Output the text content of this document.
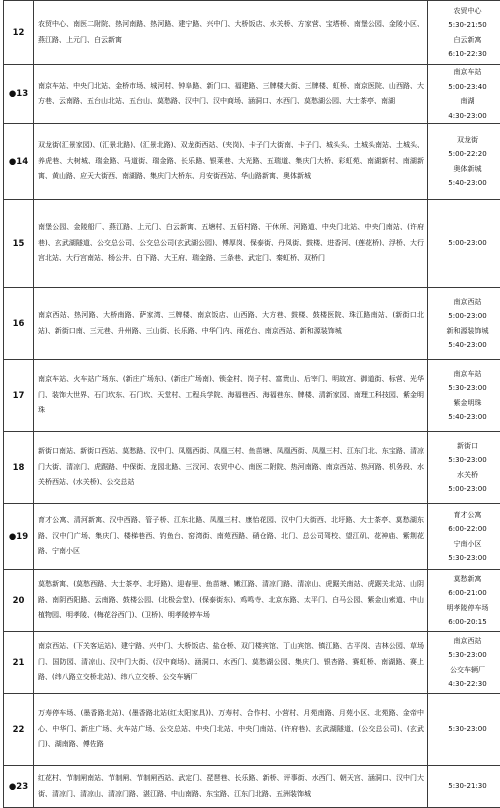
12	农贸中心、南医二附院、热河南路、热河路、建宁路、兴中门、大桥饭店、水关桥、方家营、宝塔桥、南堡公园、金陵小区、燕江路、上元门、白云新寓	农贸中心
5:30-21:50
白云新寓
6:10-22:30

●13	南京车站、中央门北站、金桥市场、城河村、钟阜路、新门口、福建路、三牌楼大街、三牌楼、虹桥、南京医院、山西路、大方巷、云南路、五台山北站、五台山、莫愁路、汉中门、汉中商场、涵洞口、水西门、莫愁湖公园、大士茶亭、南湖	南京车站
5:00-23:40
南湖
4:30-23:00

●14	双龙街(汇景家园)、(汇景北路)、(汇景北路)、双龙街西站、(夹岗)、卡子门大街南、卡子门、城头头、土城头南站、土城头、养虎巷、大树城、瑞金路、马道街、瑞金路、长乐路、银莱巷、大光路、五瑞道、集庆门大桥、彩虹苑、南湖新村、南湖新寓、黄山路、应天大街西、南湖路、集庆门大桥东、月安街西站、华山路新寓、奥体新城	双龙街
5:00-22:20
奥体新城
5:40-23:00

15	南堡公园、金陵船厂、燕江路、上元门、白云新寓、五塘村、五佰村路、干休所、河路道、中央门北站、中央门南站、(许府巷)、玄武湖隧道、公交总公司、公交总公司(玄武湖公园)、傅厚岗、保泰街、丹凤街、鼓楼、进香河、(莲花桥)、浮桥、大行宫北站、大行宫南站、杨公井、白下路、大王府、瑞金路、三条巷、武定门、秦虹桥、双桥门	5:00-23:00

16	南京西站、热河路、大桥南路、萨家湾、三牌楼、南京饭店、山西路、大方巷、鼓楼、鼓楼医院、珠江路南站、(新街口北站)、新街口南、三元巷、升州路、三山街、长乐路、中华门内、雨花台、南京西站、新和源装饰城	南京西站
5:00-23:00
新和源装饰城
5:40-23:00

17	南京车站、火车站广场东、(新庄广场东)、(新庄广场南)、锁金村、岗子村、富贵山、后宰门、明故宫、御道街、标营、光华门、装饰大世界、石门坎东、石门坎、天堂村、工程兵学院、海福巷西、海福巷东、牌楼、清新家园、南理工科技园、紫金明珠	南京车站
5:30-23:00
紫金明珠
5:40-23:00

18	新街口南站、新街口西站、莫愁路、汉中门、凤凰西街、凤凰三村、鱼苗塘、凤凰西街、凤凰三村、江东门北、东宝路、清凉门大街、清凉门、虎踞路、中保街、龙园北路、三汊河、农贸中心、南医二附院、热河南路、南京西站、热河路、机务段、水关桥西站、(水关桥)、公交总站	新街口
5:30-23:00
水关桥
5:00-23:00

●19	育才公寓、清河新寓、汉中西路、管子桥、江东北路、凤凰三村、康怡花园、汉中门大街西、北圩路、大士茶亭、莫愁湖东路、汉中门广场、集庆门、楼梯巷西、钓鱼台、窑湾街、南苑西路、硝仓路、北门、总公司驾校、望江矶、花神庙、紫荆花路、宁南小区	育才公寓
6:00-22:00
宁南小区
5:30-23:00

20	莫愁新寓、(莫愁西路、大士茶亭、北圩路)、迎春里、鱼苗塘、嫩江路、清凉门路、清凉山、虎踞关南站、虎踞关北站、山阴路、南阴西阳路、云南路、鼓楼公园、(北极会堂)、(保泰街东)、鸡鸣寺、北京东路、太平门、白马公园、紫金山索道、中山植物园、明孝陵、(梅花谷西门)、(卫桥)、明孝陵停车场	莫愁新寓
6:00-21:00
明孝陵停车场
6:00-20:15

21	南京西站、(下关客运站)、建宁路、兴中门、大桥饭店、盐仓桥、双门楼宾馆、丁山宾馆、镇江路、古平岗、吉林公园、草场门、国防园、清凉山、汉中门大街、(汉中商场)、涵洞口、水西门、莫愁湖公园、集庆门、银杏路、赛虹桥、南湖路、赛上路、(纬八路立交桥北站)、纬八立交桥、公交车辆厂	南京西站
5:30-23:00
公交车辆厂
4:30-22:30

22	万寿停车场、(墨香路北站)、(墨香路北站(红太阳家具))、万寿村、合作村、小营村、月苑南路、月苑小区、北苑路、金帝中心、中华门、新庄广场、火车站广场、公交总站、中央门北站、中央门南站、(许府巷)、玄武湖隧道、(公交总公司)、(玄武门)、湖南路、傅佐路	5:30-23:00

●23	红花村、节制闸南站、节制闸、节制闸西站、武定门、琵琶巷、长乐路、新桥、评事街、水西门、朝天宫、涵洞口、汉中门大街、清凉门、清凉山、清凉门路、湛江路、中山南路、东宝路、江东门北路、五洲装饰城	5:30-21:30
